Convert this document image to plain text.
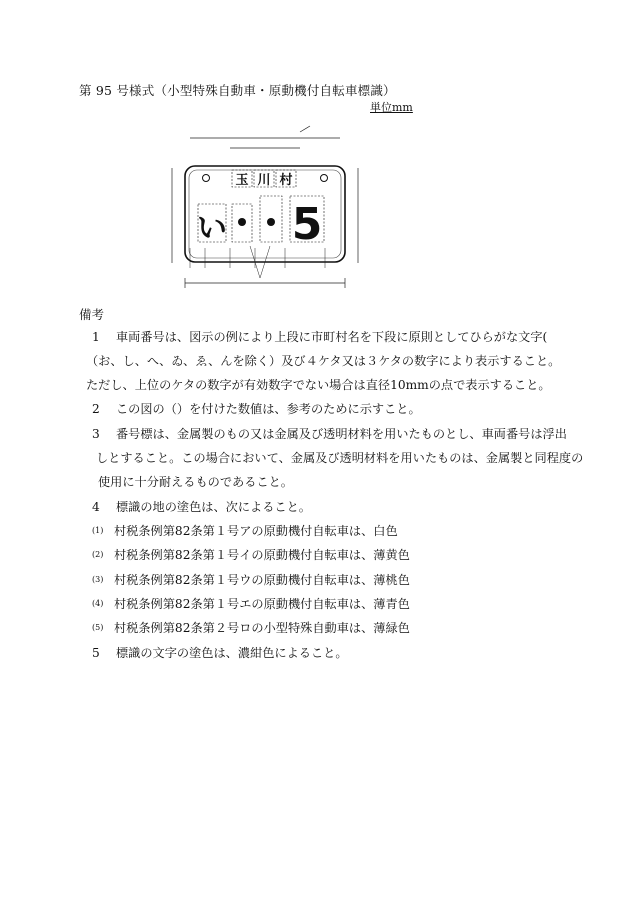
第 95 号様式（小型特殊自動車・原動機付自転車標識）
単位mm
玉 川 村
い 5
備考
1 車両番号は、図示の例により上段に市町村名を下段に原則としてひらがな文字(
（お、し、へ、ゐ、ゑ、んを除く）及び４ケタ又は３ケタの数字により表示すること。
ただし、上位のケタの数字が有効数字でない場合は直径10mmの点で表示すること。
2 この図の（）を付けた数値は、参考のために示すこと。
3 番号標は、金属製のもの又は金属及び透明材料を用いたものとし、車両番号は浮出
しとすること。この場合において、金属及び透明材料を用いたものは、金属製と同程度の
使用に十分耐えるものであること。
4 標識の地の塗色は、次によること。
(1) 村税条例第82条第１号アの原動機付自転車は、白色
(2) 村税条例第82条第１号イの原動機付自転車は、薄黄色
(3) 村税条例第82条第１号ウの原動機付自転車は、薄桃色
(4) 村税条例第82条第１号エの原動機付自転車は、薄青色
(5) 村税条例第82条第２号ロの小型特殊自動車は、薄緑色
5 標識の文字の塗色は、濃紺色によること。
